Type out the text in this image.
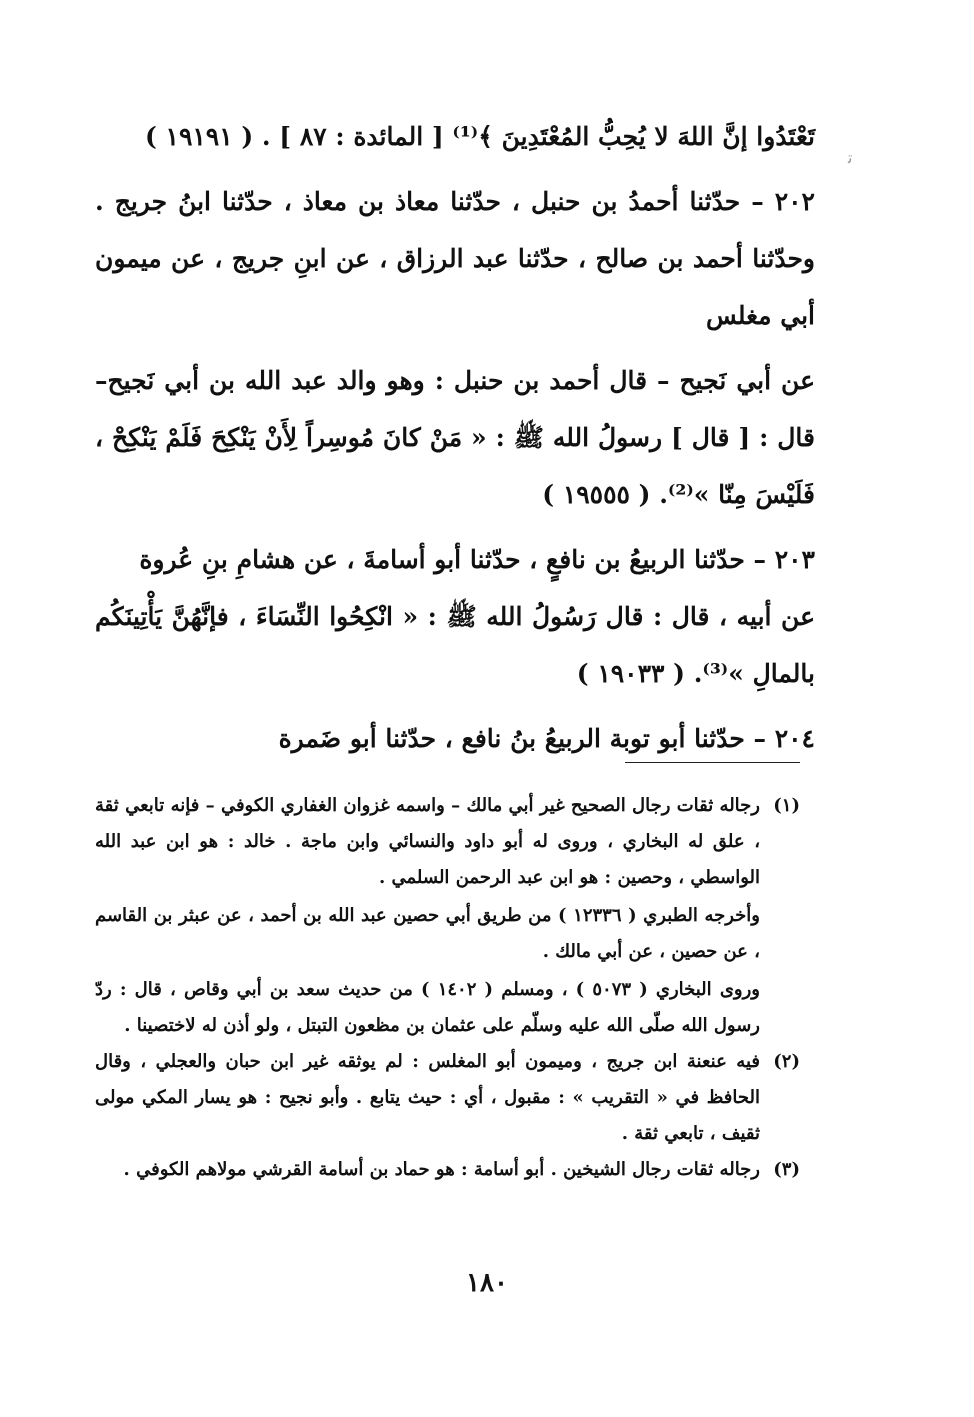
ﺗ

تَعْتَدُوا إنَّ اللهَ لا يُحِبُّ المُعْتَدِينَ ﴾⁽¹⁾ [ المائدة : ٨٧ ] . ( ١٩١٩١ )

٢٠٢ – حدّثنا أحمدُ بن حنبل ، حدّثنا معاذ بن معاذ ، حدّثنا ابنُ جريج . وحدّثنا أحمد بن صالح ، حدّثنا عبد الرزاق ، عن ابنِ جريج ، عن ميمون أبي مغلس

عن أبي نَجيح – قال أحمد بن حنبل : وهو والد عبد الله بن أبي نَجيح– قال : [ قال ] رسولُ الله ﷺ : « مَنْ كانَ مُوسِراً لِأَنْ يَنْكِحَ فَلَمْ يَنْكِحْ ، فَلَيْسَ مِنّا »⁽²⁾. ( ١٩٥٥٥ )

٢٠٣ – حدّثنا الربيعُ بن نافعٍ ، حدّثنا أبو أسامةَ ، عن هشامِ بنِ عُروة

عن أبيه ، قال : قال رَسُولُ الله ﷺ : « انْكِحُوا النِّسَاءَ ، فإنَّهُنَّ يَأْتِينَكُم بالمالِ »⁽³⁾. ( ١٩٠٣٣ )

٢٠٤ – حدّثنا أبو توبة الربيعُ بنُ نافع ، حدّثنا أبو ضَمرة

(١)

رجاله ثقات رجال الصحيح غير أبي مالك – واسمه غزوان الغفاري الكوفي – فإنه تابعي ثقة ، علق له البخاري ، وروى له أبو داود والنسائي وابن ماجة . خالد : هو ابن عبد الله الواسطي ، وحصين : هو ابن عبد الرحمن السلمي .

وأخرجه الطبري ( ١٢٣٣٦ ) من طريق أبي حصين عبد الله بن أحمد ، عن عبثر بن القاسم ، عن حصين ، عن أبي مالك .

وروى البخاري ( ٥٠٧٣ ) ، ومسلم ( ١٤٠٢ ) من حديث سعد بن أبي وقاص ، قال : ردّ رسول الله صلّى الله عليه وسلّم على عثمان بن مظعون التبتل ، ولو أذن له لاختصينا .

(٢)

فيه عنعنة ابن جريج ، وميمون أبو المغلس : لم يوثقه غير ابن حبان والعجلي ، وقال الحافظ في « التقريب » : مقبول ، أي : حيث يتابع . وأبو نجيح : هو يسار المكي مولى ثقيف ، تابعي ثقة .

(٣)

رجاله ثقات رجال الشيخين . أبو أسامة : هو حماد بن أسامة القرشي مولاهم الكوفي .

١٨٠
